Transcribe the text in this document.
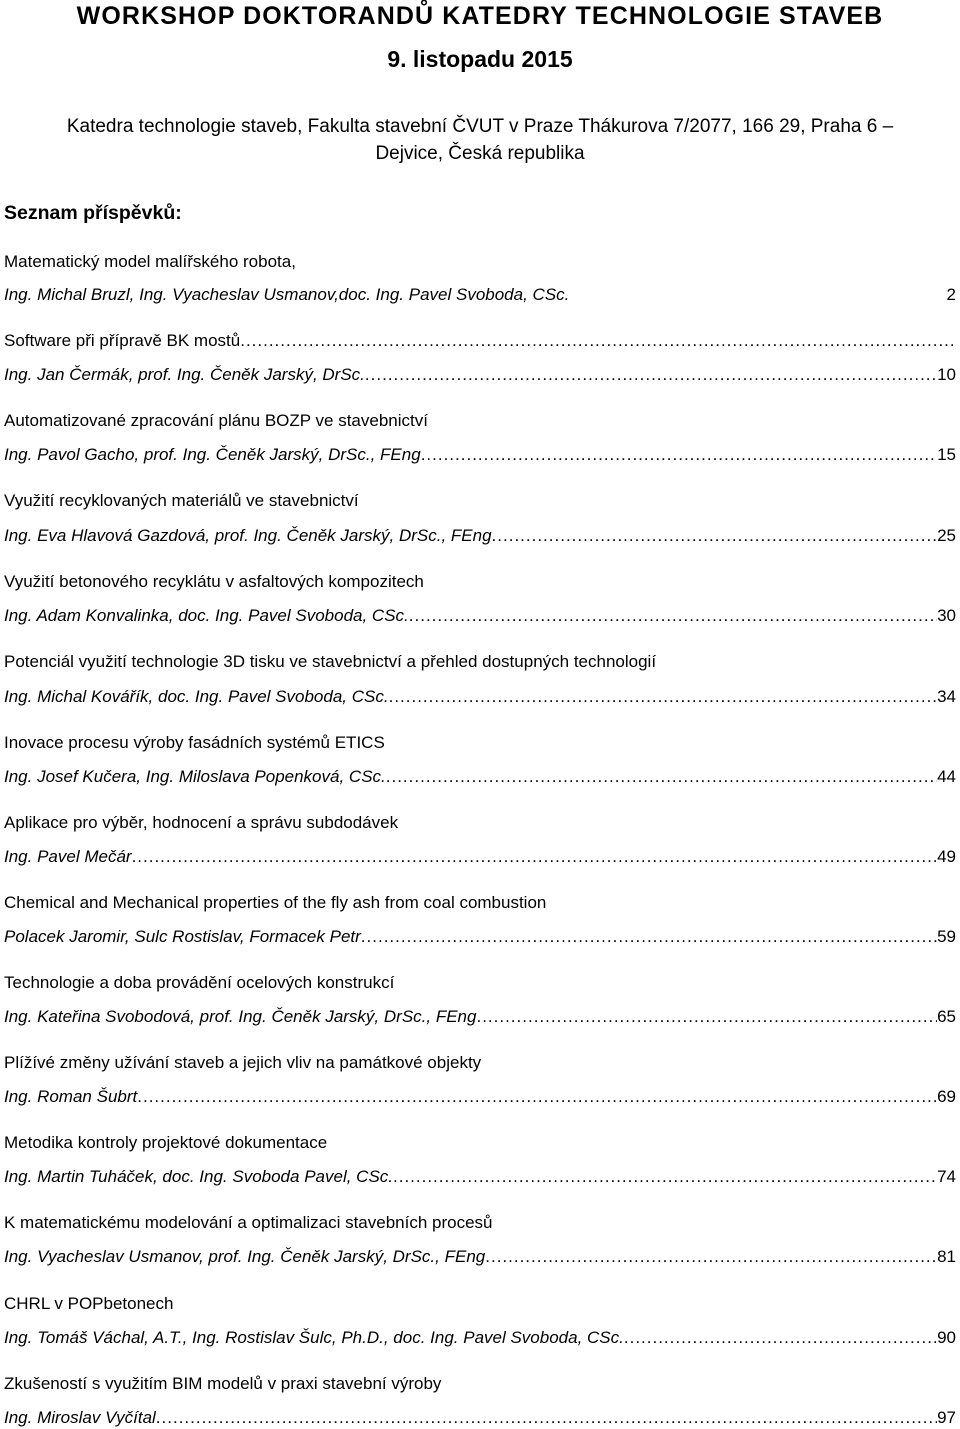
WORKSHOP DOKTORANDŮ KATEDRY TECHNOLOGIE STAVEB
9. listopadu 2015
Katedra technologie staveb, Fakulta stavební ČVUT v Praze Thákurova 7/2077, 166 29, Praha 6 –
Dejvice, Česká republika
Seznam příspěvků:
Matematický model malířského robota,
Ing. Michal Bruzl, Ing. Vyacheslav Usmanov,doc. Ing. Pavel Svoboda, CSc.	2
Software při přípravě BK mostů
.....
Ing. Jan Čermák, prof. Ing. Čeněk Jarský, DrSc. .....	10
Automatizované zpracování plánu BOZP ve stavebnictví
Ing. Pavol Gacho, prof. Ing. Čeněk Jarský, DrSc., FEng .....	15
Využití recyklovaných materiálů ve stavebnictví
Ing. Eva Hlavová Gazdová, prof. Ing. Čeněk Jarský, DrSc., FEng .....	25
Využití betonového recyklátu v asfaltových kompozitech
Ing. Adam Konvalinka, doc. Ing. Pavel Svoboda, CSc. .....	30
Potenciál využití technologie 3D tisku ve stavebnictví a přehled dostupných technologií
Ing. Michal Kovářík, doc. Ing. Pavel Svoboda, CSc. .....	34
Inovace procesu výroby fasádních systémů ETICS
Ing. Josef Kučera, Ing. Miloslava Popenková, CSc. .....	44
Aplikace pro výběr, hodnocení a správu subdodávek
Ing. Pavel Mečár .....	49
Chemical and Mechanical properties of the fly ash from coal combustion
Polacek Jaromir, Sulc Rostislav, Formacek Petr .....	59
Technologie a doba provádění ocelových konstrukcí
Ing. Kateřina Svobodová, prof. Ing. Čeněk Jarský, DrSc., FEng .....	65
Plížívé změny užívání staveb a jejich vliv na památkové objekty
Ing. Roman Šubrt .....	69
Metodika kontroly projektové dokumentace
Ing. Martin Tuháček, doc. Ing. Svoboda Pavel, CSc. .....	74
K matematickému modelování a optimalizaci stavebních procesů
Ing. Vyacheslav Usmanov, prof. Ing. Čeněk Jarský, DrSc., FEng .....	81
CHRL v POPbetonech
Ing. Tomáš Váchal, A.T., Ing. Rostislav Šulc, Ph.D., doc. Ing. Pavel Svoboda, CSc. .....	90
Zkušeností s využitím BIM modelů v praxi stavební výroby
Ing. Miroslav Vyčítal .....	97
